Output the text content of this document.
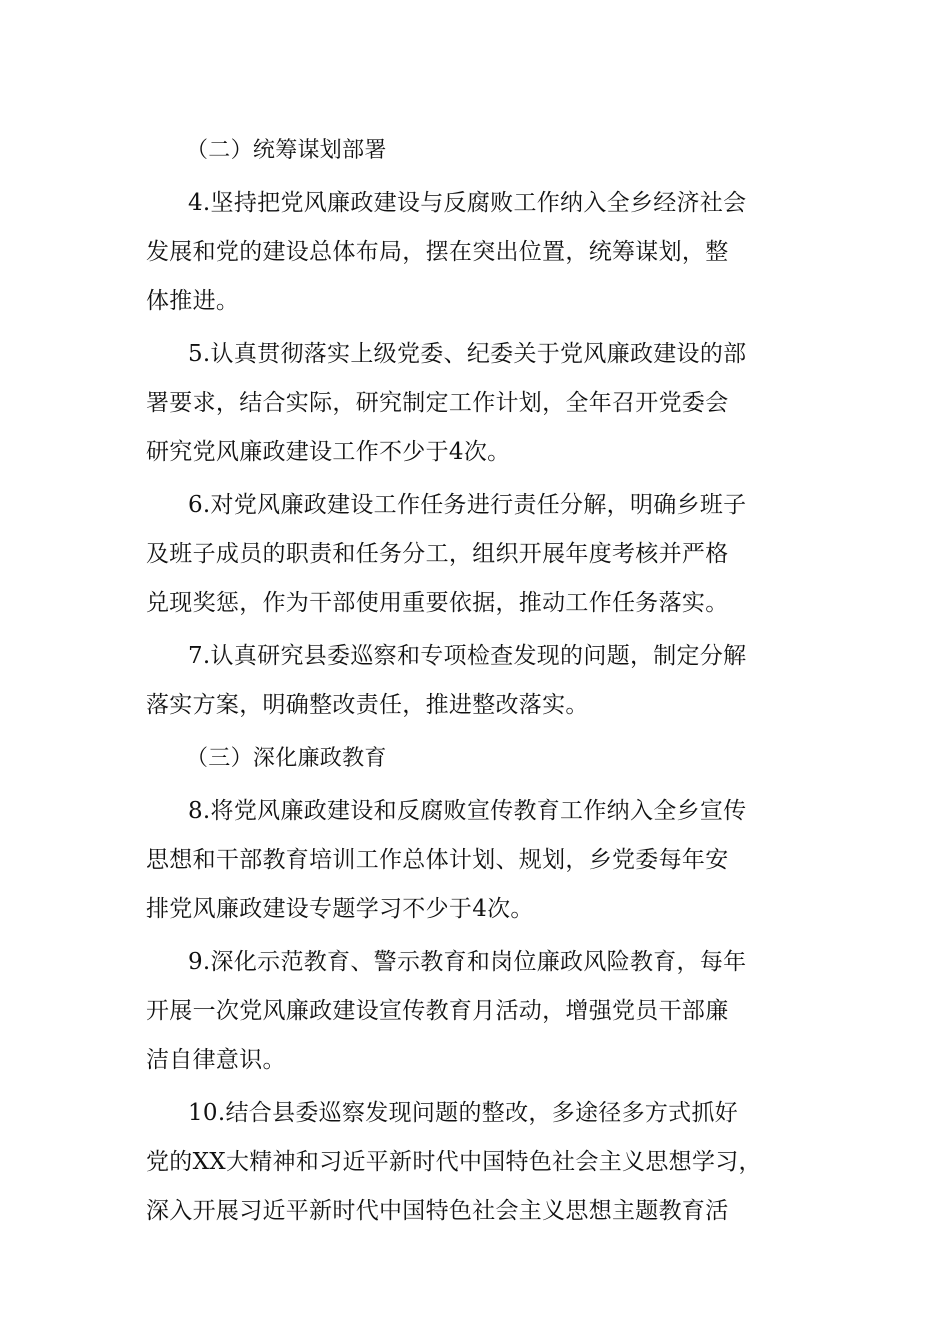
（二）统筹谋划部署
4.坚持把党风廉政建设与反腐败工作纳入全乡经济社会
发展和党的建设总体布局，摆在突出位置，统筹谋划，整
体推进。
5.认真贯彻落实上级党委、纪委关于党风廉政建设的部
署要求，结合实际，研究制定工作计划，全年召开党委会
研究党风廉政建设工作不少于4次。
6.对党风廉政建设工作任务进行责任分解，明确乡班子
及班子成员的职责和任务分工，组织开展年度考核并严格
兑现奖惩，作为干部使用重要依据，推动工作任务落实。
7.认真研究县委巡察和专项检查发现的问题，制定分解
落实方案，明确整改责任，推进整改落实。
（三）深化廉政教育
8.将党风廉政建设和反腐败宣传教育工作纳入全乡宣传
思想和干部教育培训工作总体计划、规划，乡党委每年安
排党风廉政建设专题学习不少于4次。
9.深化示范教育、警示教育和岗位廉政风险教育，每年
开展一次党风廉政建设宣传教育月活动，增强党员干部廉
洁自律意识。
10.结合县委巡察发现问题的整改，多途径多方式抓好
党的XX大精神和习近平新时代中国特色社会主义思想学习，
深入开展习近平新时代中国特色社会主义思想主题教育活
